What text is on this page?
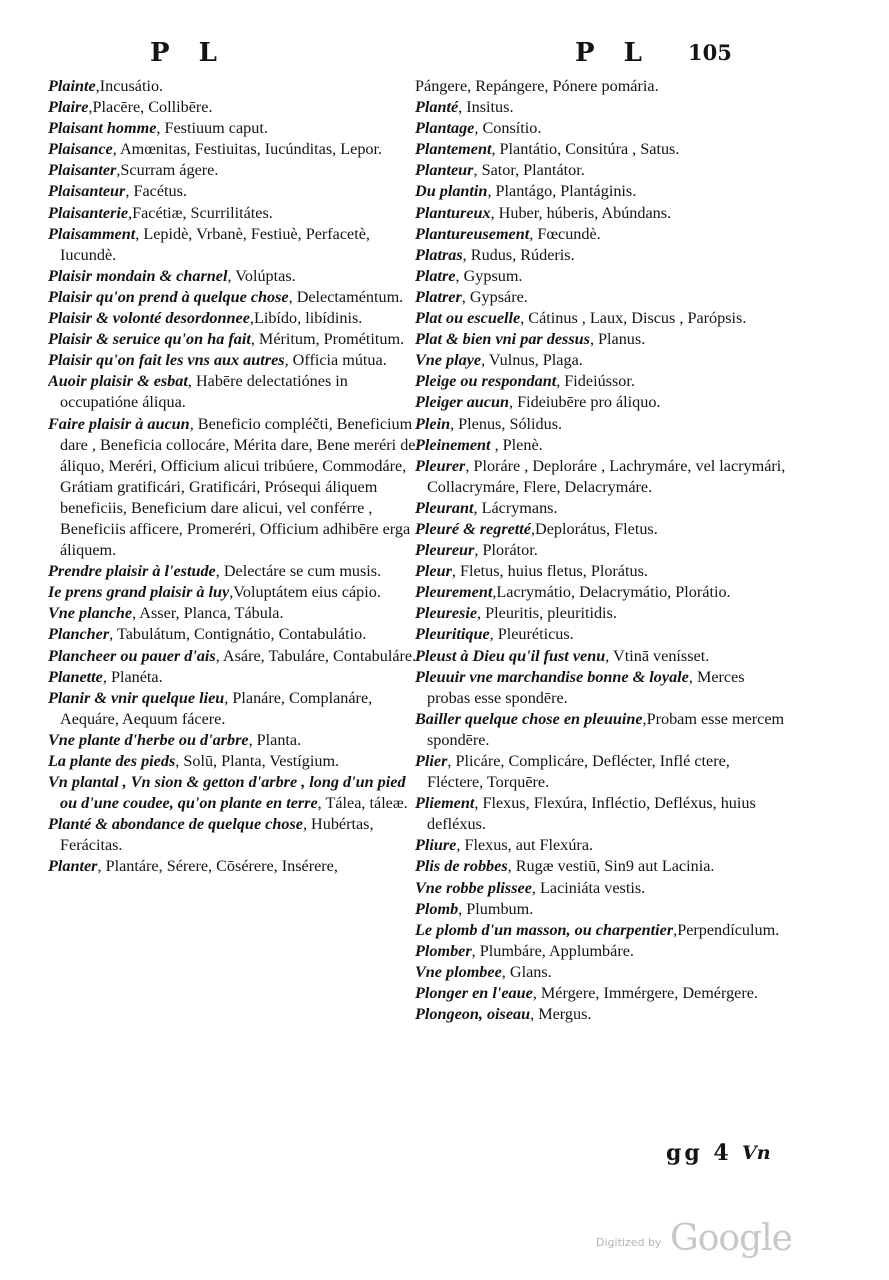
P L	P L 105

Plainte,Incusátio.

Plaire,Placēre, Collibēre.

Plaisant homme, Festiuum caput.

Plaisance, Amœnitas, Festiuitas, Iucúnditas, Lepor.

Plaisanter,Scurram ágere.

Plaisanteur, Facétus.

Plaisanterie,Facétiæ, Scurrilitátes.

Plaisamment, Lepidè, Vrbanè, Festiuè, Perfacetè, Iucundè.

Plaisir mondain & charnel, Volúptas.

Plaisir qu'on prend à quelque chose, Delectaméntum.

Plaisir & volonté desordonnee,Libído, libídinis.

Plaisir & seruice qu'on ha fait, Méritum, Prométitum.

Plaisir qu'on fait les vns aux autres, Officia mútua.

Auoir plaisir & esbat, Habēre delectatiónes in occupatióne áliqua.

Faire plaisir à aucun, Beneficio compléčti, Beneficium dare , Beneficia collocáre, Mérita dare, Bene meréri de áliquo, Meréri, Officium alicui tribúere, Commodáre, Grátiam gratificári, Gratificári, Prósequi áliquem beneficiis, Beneficium dare alicui, vel conférre , Beneficiis afficere, Promeréri, Officium adhibēre erga áliquem.

Prendre plaisir à l'estude, Delectáre se cum musis.

Ie prens grand plaisir à luy,Voluptátem eius cápio.

Vne planche, Asser, Planca, Tábula.

Plancher, Tabulátum, Contignátio, Contabulátio.

Plancheer ou pauer d'ais, Asáre, Tabuláre, Contabuláre.

Planette, Planéta.

Planir & vnir quelque lieu, Planáre, Complanáre, Aequáre, Aequum fácere.

Vne plante d'herbe ou d'arbre, Planta.

La plante des pieds, Solū, Planta, Vestígium.

Vn plantal , Vn sion & getton d'arbre , long d'un pied ou d'une coudee, qu'on plante en terre, Tálea, táleæ.

Planté & abondance de quelque chose, Hubértas, Ferácitas.

Planter, Plantáre, Sérere, Cōsérere, Insérere,

Pángere, Repángere, Pónere pomária.

Planté, Insitus.

Plantage, Consítio.

Plantement, Plantátio, Consitúra , Satus.

Planteur, Sator, Plantátor.

Du plantin, Plantágo, Plantáginis.

Plantureux, Huber, húberis, Abúndans.

Plantureusement, Fœcundè.

Platras, Rudus, Rúderis.

Platre, Gypsum.

Platrer, Gypsáre.

Plat ou escuelle, Cátinus , Laux, Discus , Parópsis.

Plat & bien vni par dessus, Planus.

Vne playe, Vulnus, Plaga.

Pleige ou respondant, Fideiússor.

Pleiger aucun, Fideiubēre pro áliquo.

Plein, Plenus, Sólidus.

Pleinement , Plenè.

Pleurer, Ploráre , Deploráre , Lachrymáre, vel lacrymári, Collacrymáre, Flere, Delacrymáre.

Pleurant, Lácrymans.

Pleuré & regretté,Deplorátus, Fletus.

Pleureur, Plorátor.

Pleur, Fletus, huius fletus, Plorátus.

Pleurement,Lacrymátio, Delacrymátio, Plorátio.

Pleuresie, Pleuritis, pleuritidis.

Pleuritique, Pleuréticus.

Pleust à Dieu qu'il fust venu, Vtinā venísset.

Pleuuir vne marchandise bonne & loyale, Merces probas esse spondēre.

Bailler quelque chose en pleuuine,Probam esse mercem spondēre.

Plier, Plicáre, Complicáre, Deflécter, Inflé ctere, Fléctere, Torquēre.

Pliement, Flexus, Flexúra, Infléctio, Defléxus, huius defléxus.

Pliure, Flexus, aut Flexúra.

Plis de robbes, Rugæ vestiū, Sin9 aut Lacinia.

Vne robbe plissee, Laciniáta vestis.

Plomb, Plumbum.

Le plomb d'un masson, ou charpentier,Perpendículum.

Plomber, Plumbáre, Applumbáre.

Vne plombee, Glans.

Plonger en l'eaue, Mérgere, Immérgere, Demérgere.

Plongeon, oiseau, Mergus.

gg 4 Vn
Digitized by Google
